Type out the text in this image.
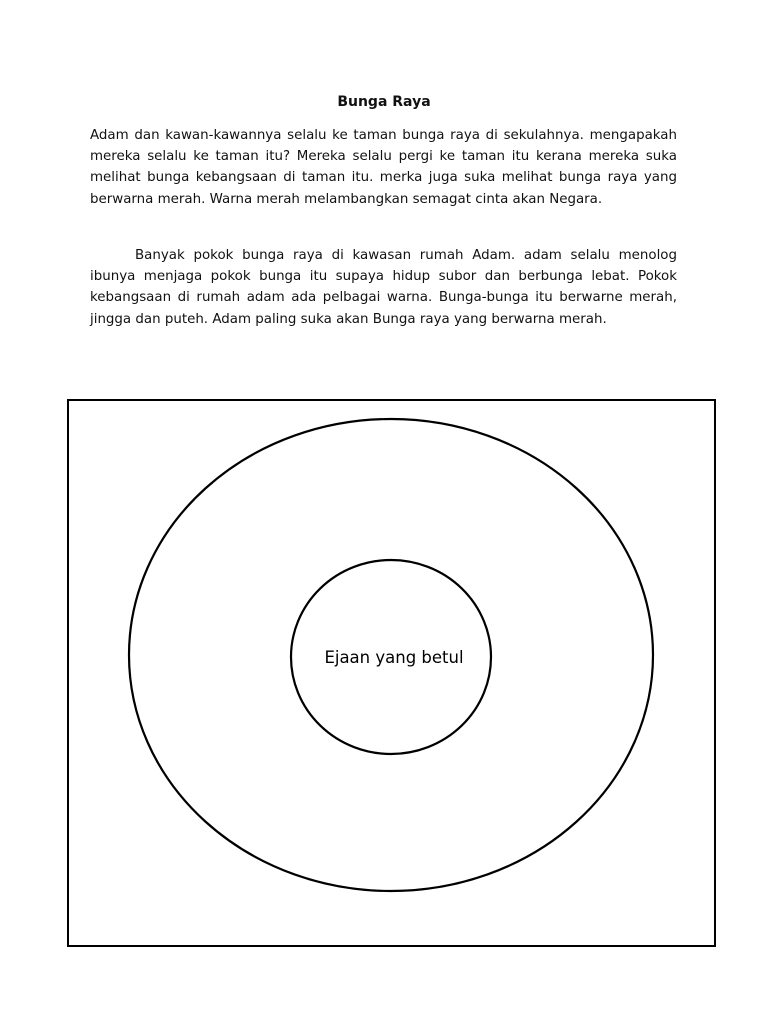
Bunga Raya

Adam dan kawan-kawannya selalu ke taman bunga raya di sekulahnya. mengapakah mereka selalu ke taman itu? Mereka selalu pergi ke taman itu kerana mereka suka melihat bunga kebangsaan di taman itu. merka juga suka melihat bunga raya yang berwarna merah. Warna merah melambangkan semagat cinta akan Negara.

Banyak pokok bunga raya di kawasan rumah Adam. adam selalu menolog ibunya menjaga pokok bunga itu supaya hidup subor dan berbunga lebat. Pokok kebangsaan di rumah adam ada pelbagai warna. Bunga-bunga itu berwarne merah, jingga dan puteh. Adam paling suka akan Bunga raya yang berwarna merah.

Ejaan yang betul
